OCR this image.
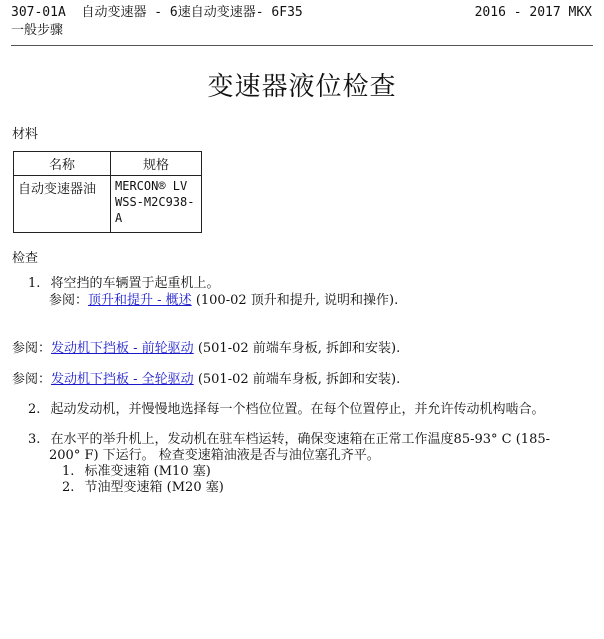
307-01A 自动变速器 - 6速自动变速器- 6F35
一般步骤
2016 - 2017 MKX
变速器液位检查
材料
名称	规格
自动变速器油	MERCON® LV
WSS-M2C938-A
检查
1. 将空挡的车辆置于起重机上。
参阅：顶升和提升 - 概述 (100-02 顶升和提升, 说明和操作).
参阅：发动机下挡板 - 前轮驱动 (501-02 前端车身板, 拆卸和安装).
参阅：发动机下挡板 - 全轮驱动 (501-02 前端车身板, 拆卸和安装).
2. 起动发动机，并慢慢地选择每一个档位位置。在每个位置停止，并允许传动机构啮合。
3. 在水平的举升机上，发动机在驻车档运转，确保变速箱在正常工作温度85-93° C (185-
200° F) 下运行。 检查变速箱油液是否与油位塞孔齐平。
1. 标准变速箱 (M10 塞)
2. 节油型变速箱 (M20 塞)
